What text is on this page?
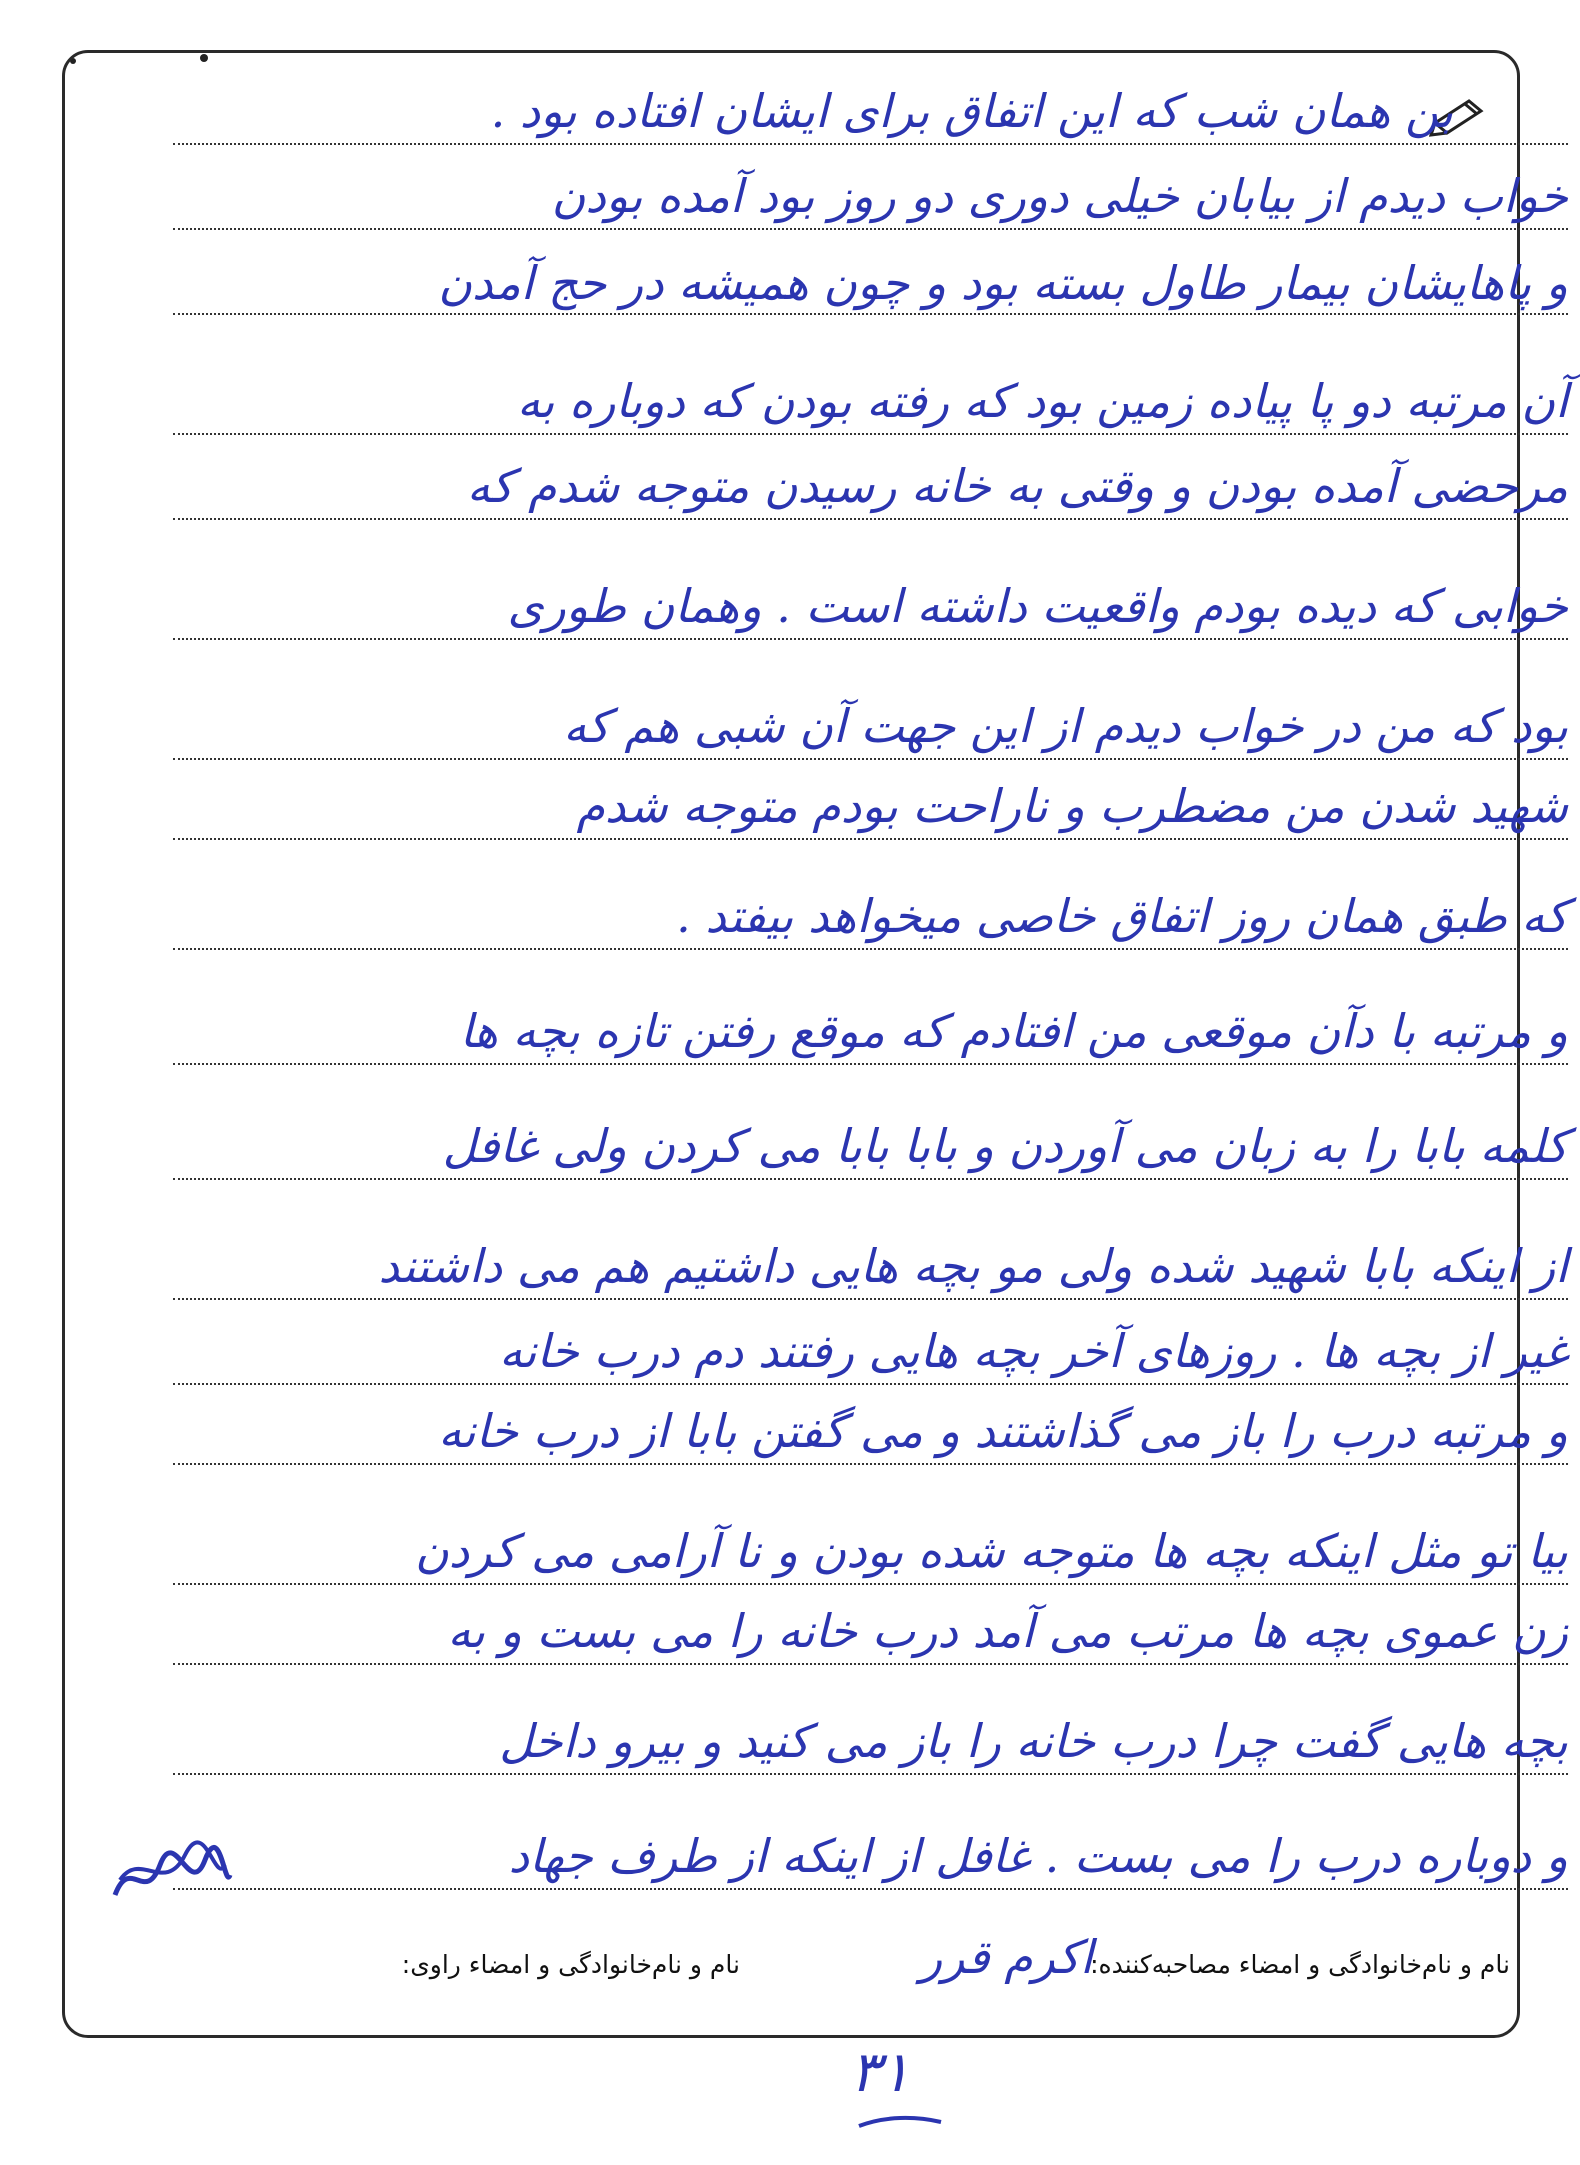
بن همان شب که این اتفاق برای ایشان افتاده بود .
خواب دیدم از بیابان خیلی دوری دو روز بود آمده بودن
و پاهایشان بیمار طاول بسته بود و چون همیشه در حج آمدن
آن مرتبه دو پا پیاده زمین بود که رفته بودن که دوباره به
مرحضی آمده بودن و وقتی به خانه رسیدن متوجه شدم که
خوابی که دیده بودم واقعیت داشته است . وهمان طوری
بود که من در خواب دیدم از این جهت آن شبی هم که
شهید شدن من مضطرب و ناراحت بودم متوجه شدم
که طبق همان روز اتفاق خاصی میخواهد بیفتد .
و مرتبه با دآن موقعی من افتادم که موقع رفتن تازه بچه ها
کلمه بابا را به زبان می آوردن و بابا بابا می کردن ولی غافل
از اینکه بابا شهید شده ولی مو بچه هایی داشتیم هم می داشتند
غیر از بچه ها . روزهای آخر بچه هایی رفتند دم درب خانه
و مرتبه درب را باز می گذاشتند و می گفتن بابا از درب خانه
بیا تو مثل اینکه بچه ها متوجه شده بودن و نا آرامی می کردن
زن عموی بچه ها مرتب می آمد درب خانه را می بست و به
بچه هایی گفت چرا درب خانه را باز می کنید و بیرو داخل
و دوباره درب را می بست . غافل از اینکه از طرف جهاد
نام و نام‌خانوادگی و امضاء مصاحبه‌کننده:
نام و نام‌خانوادگی و امضاء راوی:	اکرم قرر
۳۱
